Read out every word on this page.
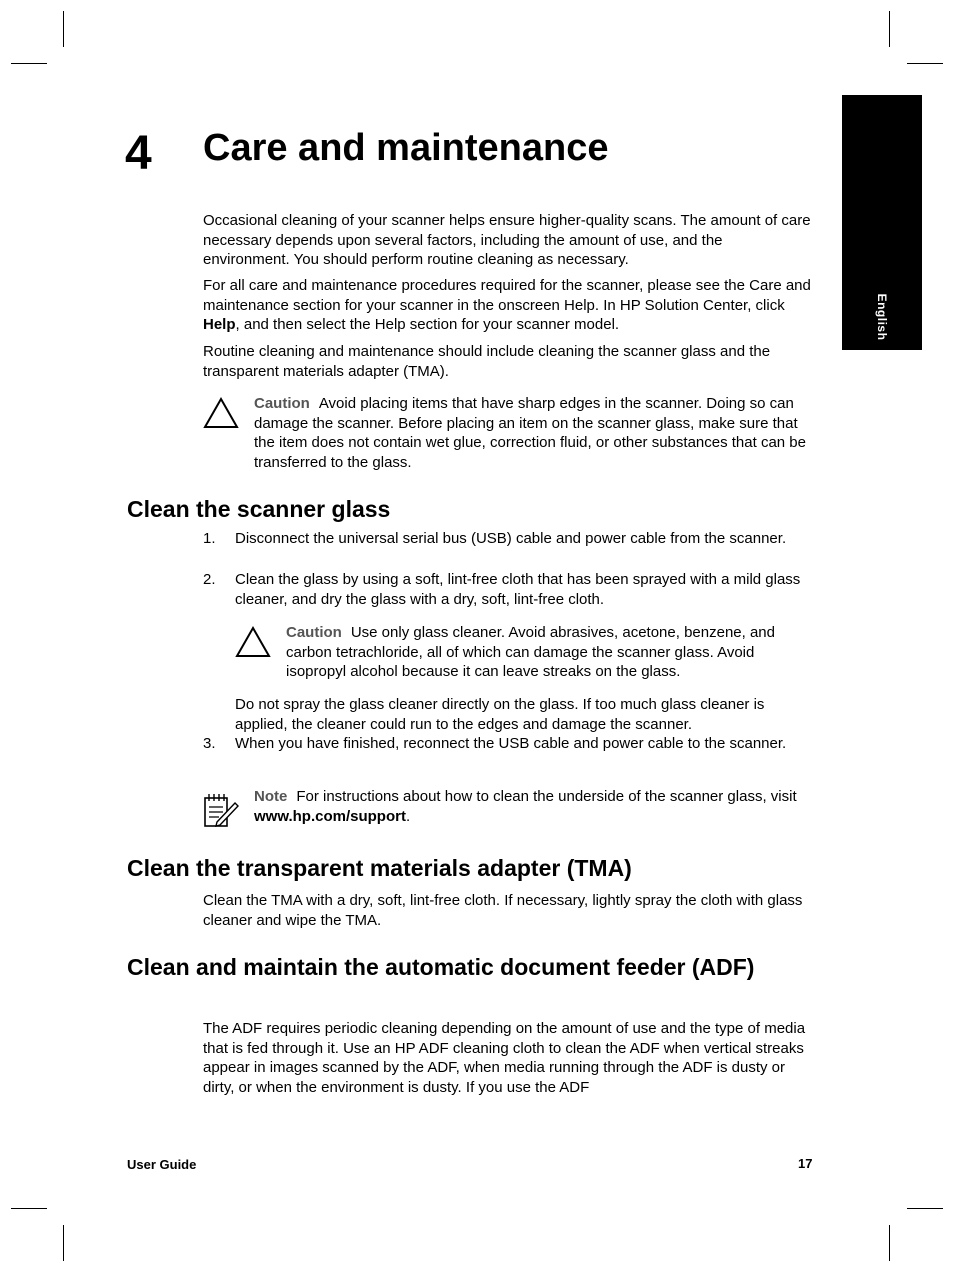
English
4 Care and maintenance

Occasional cleaning of your scanner helps ensure higher-quality scans. The amount of care necessary depends upon several factors, including the amount of use, and the environment. You should perform routine cleaning as necessary.

For all care and maintenance procedures required for the scanner, please see the Care and maintenance section for your scanner in the onscreen Help. In HP Solution Center, click Help, and then select the Help section for your scanner model.

Routine cleaning and maintenance should include cleaning the scanner glass and the transparent materials adapter (TMA).

Caution Avoid placing items that have sharp edges in the scanner. Doing so can damage the scanner. Before placing an item on the scanner glass, make sure that the item does not contain wet glue, correction fluid, or other substances that can be transferred to the glass.

Clean the scanner glass
1. Disconnect the universal serial bus (USB) cable and power cable from the scanner.

2. Clean the glass by using a soft, lint-free cloth that has been sprayed with a mild glass cleaner, and dry the glass with a dry, soft, lint-free cloth.

Caution Use only glass cleaner. Avoid abrasives, acetone, benzene, and carbon tetrachloride, all of which can damage the scanner glass. Avoid isopropyl alcohol because it can leave streaks on the glass.

Do not spray the glass cleaner directly on the glass. If too much glass cleaner is applied, the cleaner could run to the edges and damage the scanner.

3. When you have finished, reconnect the USB cable and power cable to the scanner.

Note For instructions about how to clean the underside of the scanner glass, visit www.hp.com/support.

Clean the transparent materials adapter (TMA)

Clean the TMA with a dry, soft, lint-free cloth. If necessary, lightly spray the cloth with glass cleaner and wipe the TMA.

Clean and maintain the automatic document feeder (ADF)

The ADF requires periodic cleaning depending on the amount of use and the type of media that is fed through it. Use an HP ADF cleaning cloth to clean the ADF when vertical streaks appear in images scanned by the ADF, when media running through the ADF is dusty or dirty, or when the environment is dusty. If you use the ADF

User Guide	17
